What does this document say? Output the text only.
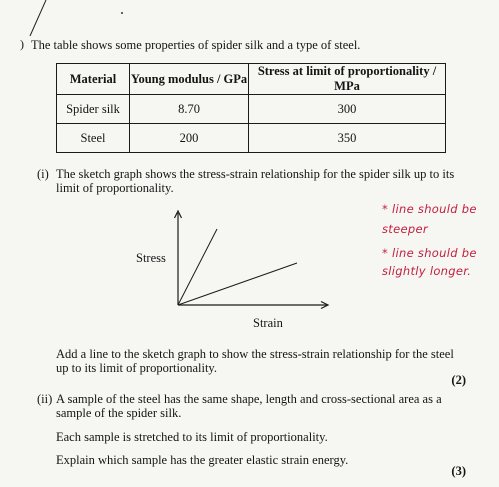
) The table shows some properties of spider silk and a type of steel.
Material	Young modulus / GPa	Stress at limit of proportionality / MPa
Spider silk	8.70	300
Steel	200	350
(i) The sketch graph shows the stress-strain relationship for the spider silk up to its
limit of proportionality.
Stress
Strain
* line should be
steeper
* line should be
slightly longer.
Add a line to the sketch graph to show the stress-strain relationship for the steel
up to its limit of proportionality.
(2)
(ii) A sample of the steel has the same shape, length and cross-sectional area as a
sample of the spider silk.
Each sample is stretched to its limit of proportionality.
Explain which sample has the greater elastic strain energy.
(3)
